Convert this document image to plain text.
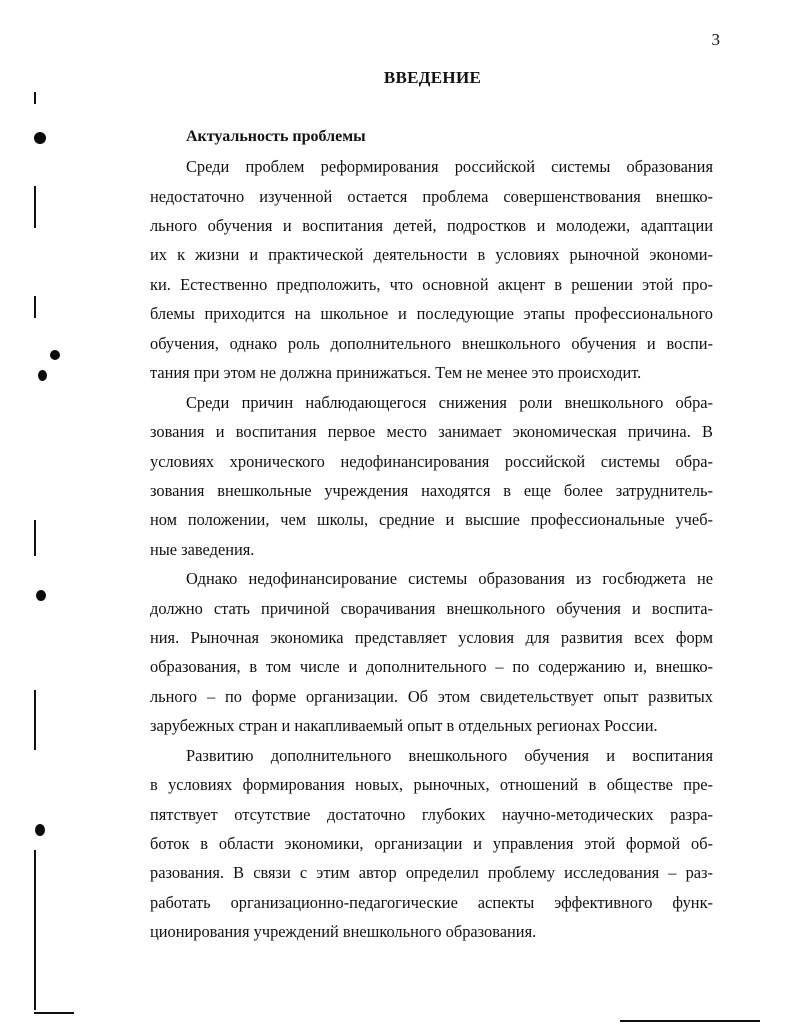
3
ВВЕДЕНИЕ
Актуальность проблемы
Среди проблем реформирования российской системы образования
недостаточно изученной остается проблема совершенствования внешко-
льного обучения и воспитания детей, подростков и молодежи, адаптации
их к жизни и практической деятельности в условиях рыночной экономи-
ки. Естественно предположить, что основной акцент в решении этой про-
блемы приходится на школьное и последующие этапы профессионального
обучения, однако роль дополнительного внешкольного обучения и воспи-
тания при этом не должна принижаться. Тем не менее это происходит.
Среди причин наблюдающегося снижения роли внешкольного обра-
зования и воспитания первое место занимает экономическая причина. В
условиях хронического недофинансирования российской системы обра-
зования внешкольные учреждения находятся в еще более затруднитель-
ном положении, чем школы, средние и высшие профессиональные учеб-
ные заведения.
Однако недофинансирование системы образования из госбюджета не
должно стать причиной сворачивания внешкольного обучения и воспита-
ния. Рыночная экономика представляет условия для развития всех форм
образования, в том числе и дополнительного – по содержанию и, внешко-
льного – по форме организации. Об этом свидетельствует опыт развитых
зарубежных стран и накапливаемый опыт в отдельных регионах России.
Развитию дополнительного внешкольного обучения и воспитания
в условиях формирования новых, рыночных, отношений в обществе пре-
пятствует отсутствие достаточно глубоких научно-методических разра-
боток в области экономики, организации и управления этой формой об-
разования. В связи с этим автор определил проблему исследования – раз-
работать организационно-педагогические аспекты эффективного функ-
ционирования учреждений внешкольного образования.
